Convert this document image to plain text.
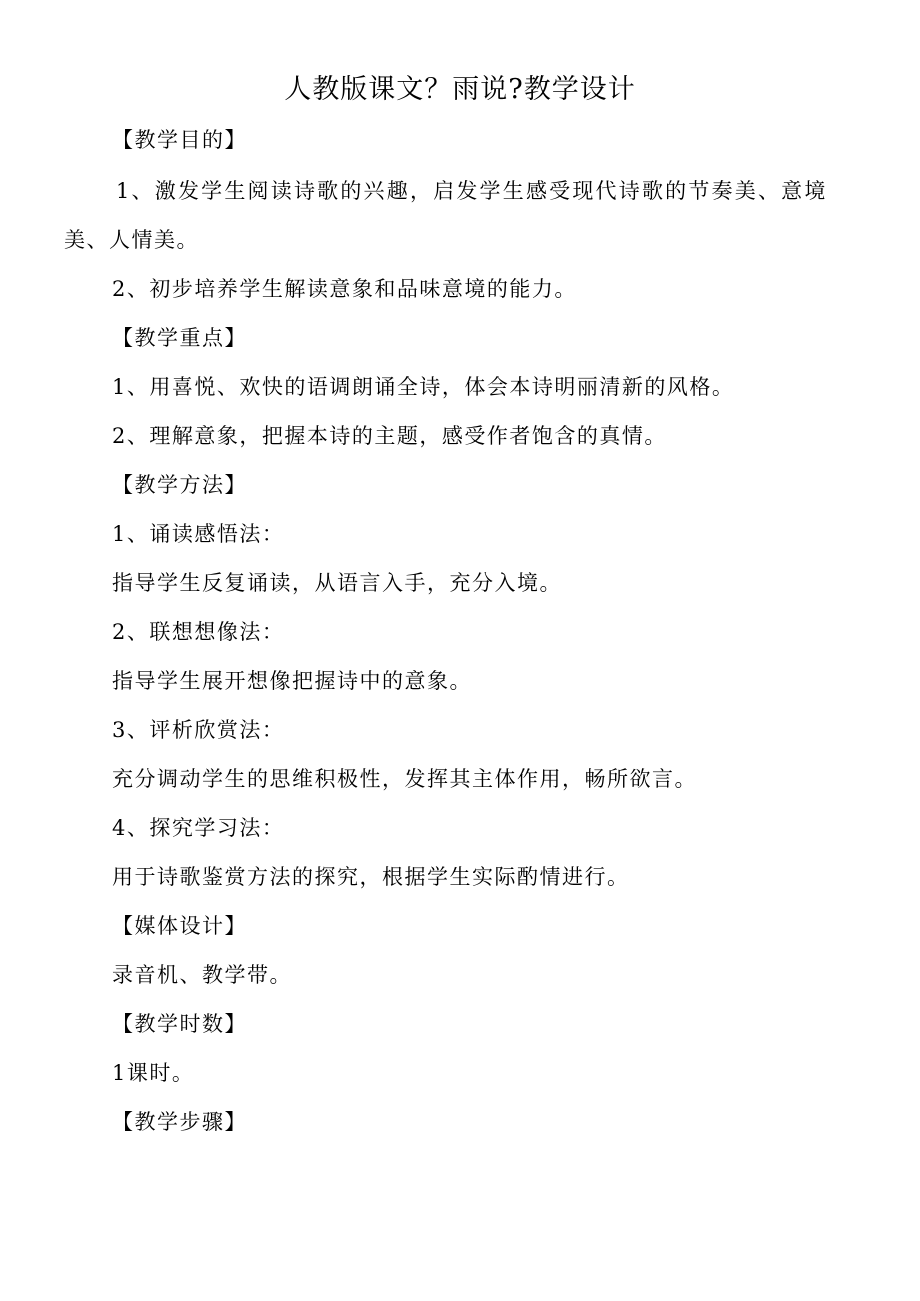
人教版课文？雨说?教学设计
【教学目的】
1、激发学生阅读诗歌的兴趣，启发学生感受现代诗歌的节奏美、意境
美、人情美。
2、初步培养学生解读意象和品味意境的能力。
【教学重点】
1、用喜悦、欢快的语调朗诵全诗，体会本诗明丽清新的风格。
2、理解意象，把握本诗的主题，感受作者饱含的真情。
【教学方法】
1、诵读感悟法：
指导学生反复诵读，从语言入手，充分入境。
2、联想想像法：
指导学生展开想像把握诗中的意象。
3、评析欣赏法：
充分调动学生的思维积极性，发挥其主体作用，畅所欲言。
4、探究学习法：
用于诗歌鉴赏方法的探究，根据学生实际酌情进行。
【媒体设计】
录音机、教学带。
【教学时数】
1课时。
【教学步骤】
